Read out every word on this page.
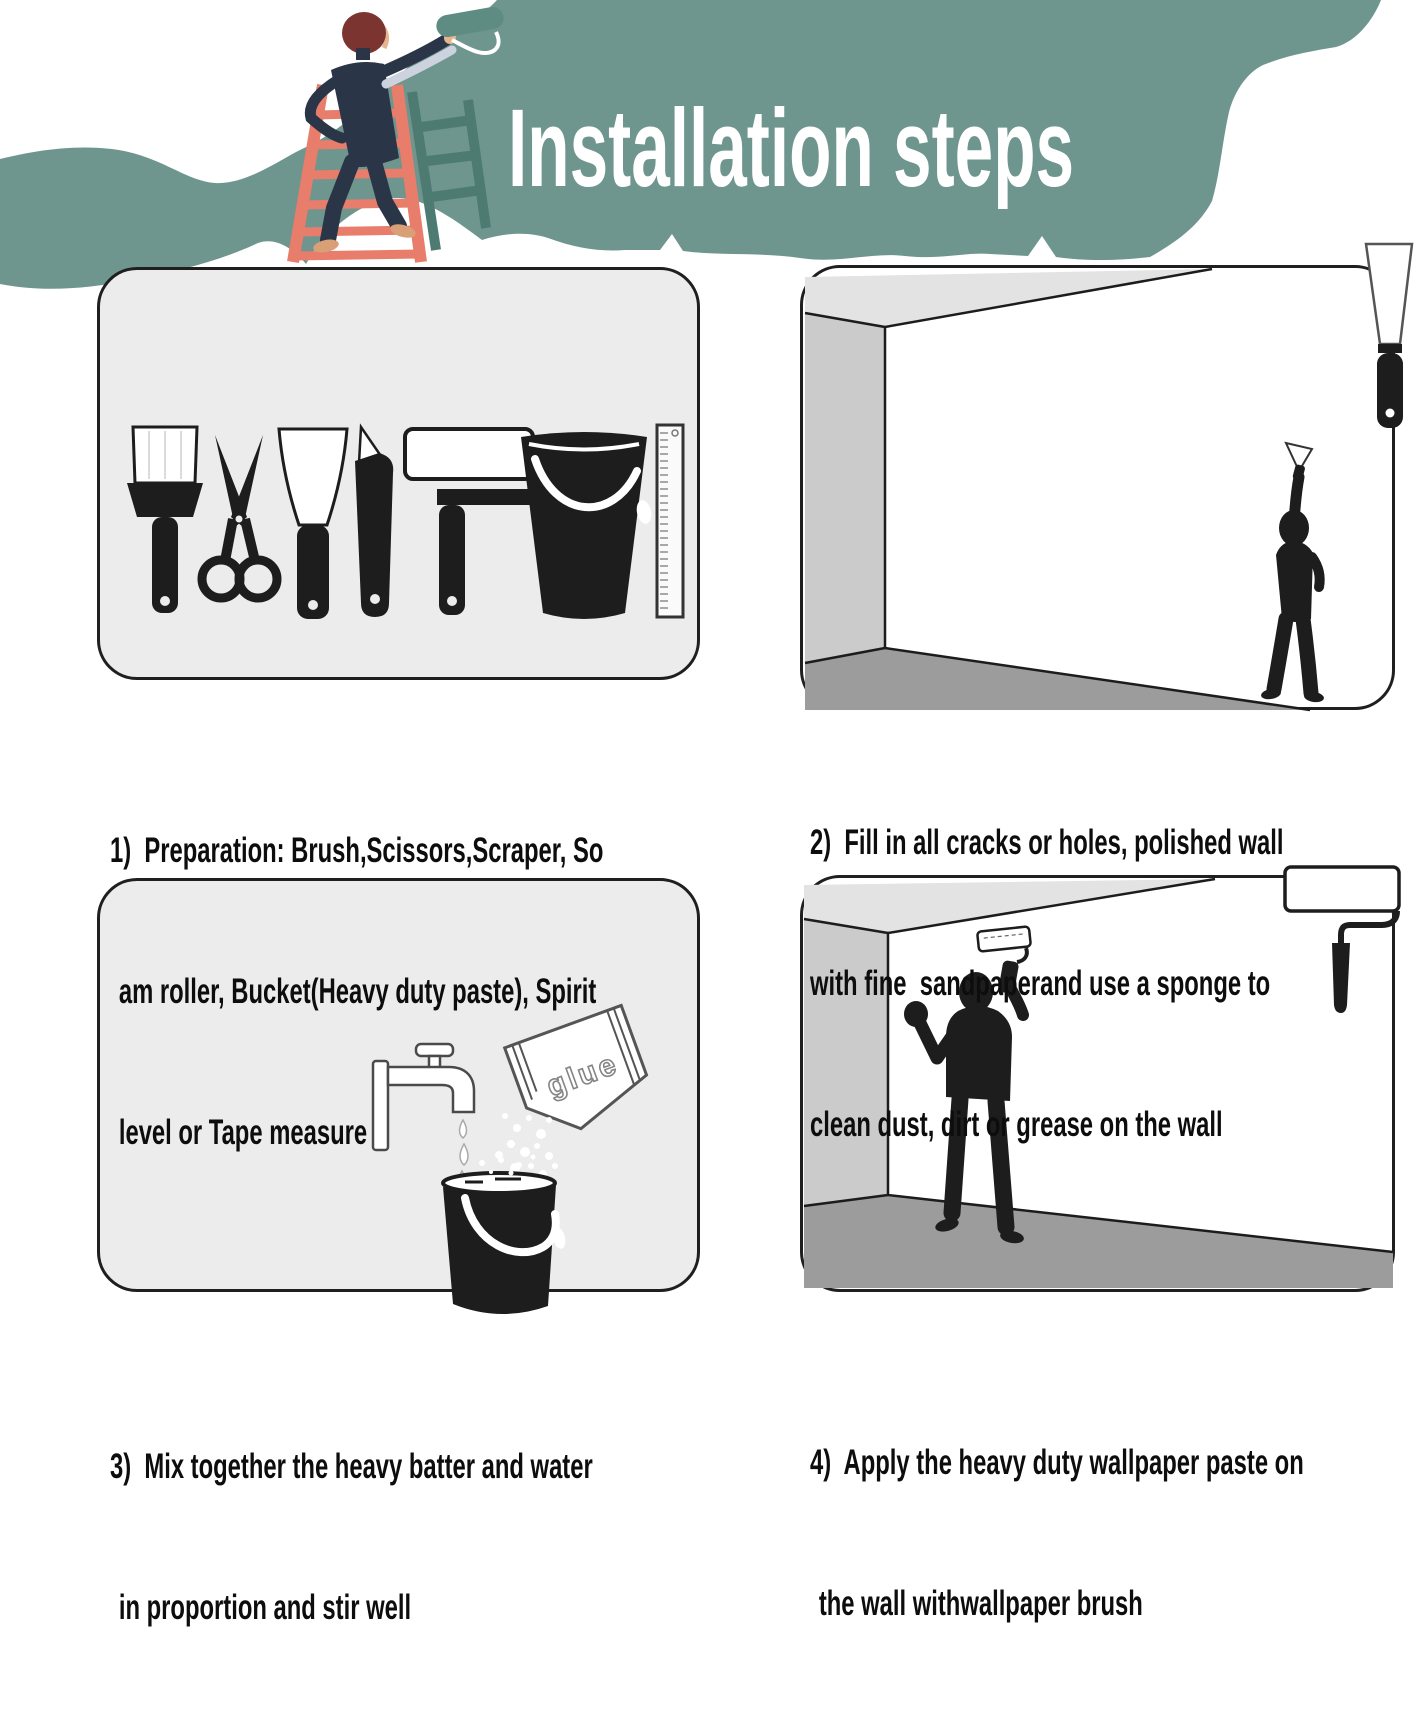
Installation steps
glue

1)  Preparation: Brush,Scissors,Scraper, So

am roller, Bucket(Heavy duty paste), Spirit

level or Tape measure

2)  Fill in all cracks or holes, polished wall

with fine  sandpaperand use a sponge to

clean dust, dirt or grease on the wall

3)  Mix together the heavy batter and water

in proportion and stir well

4)  Apply the heavy duty wallpaper paste on

the wall withwallpaper brush
